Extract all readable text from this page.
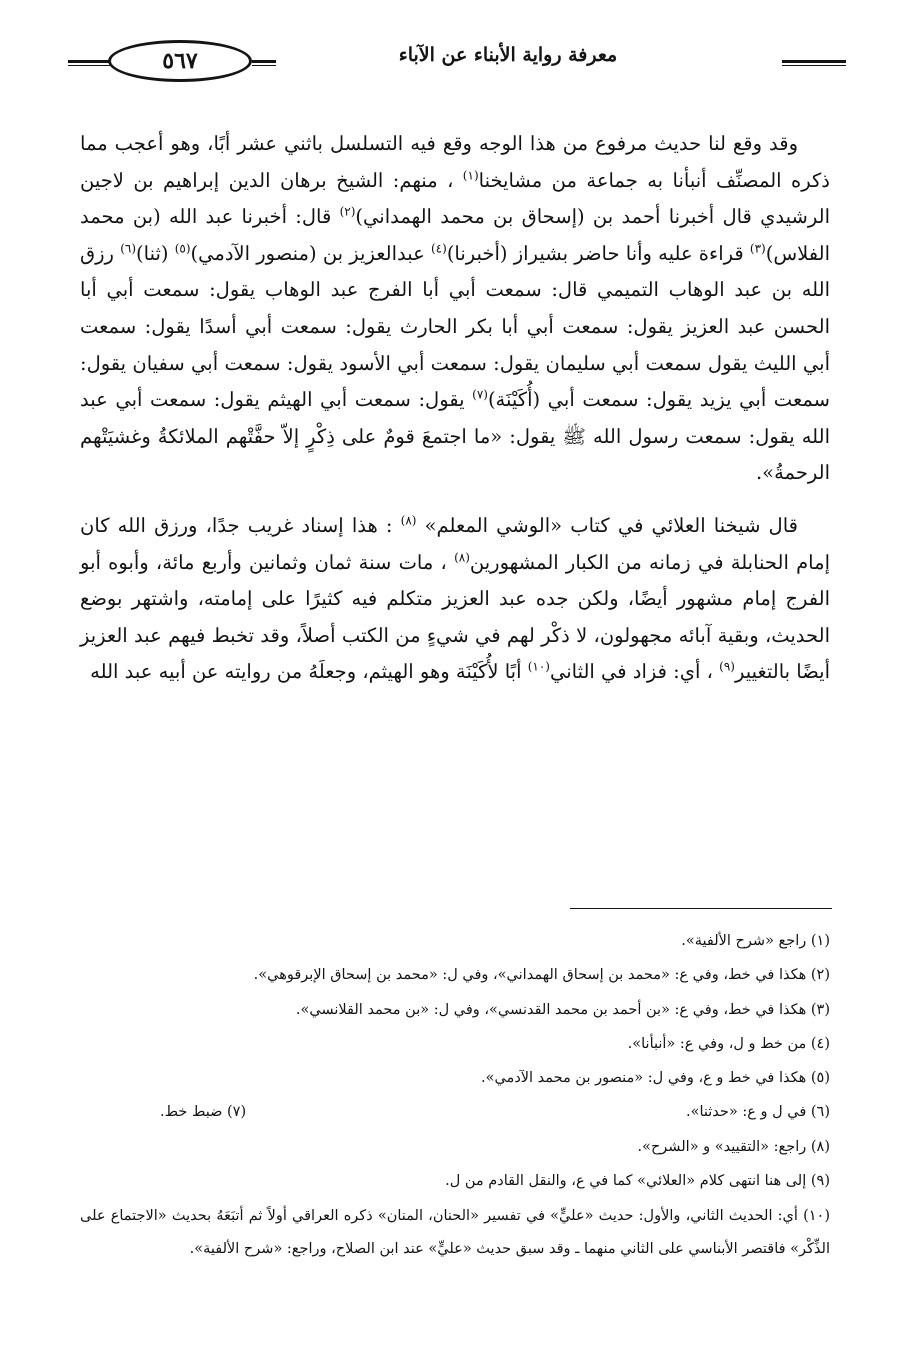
٥٦٧	معرفة رواية الأبناء عن الآباء

وقد وقع لنا حديث مرفوع من هذا الوجه وقع فيه التسلسل باثني عشر أبًا، وهو أعجب مما ذكره المصنِّف أنبأنا به جماعة من مشايخنا$^{(١)}$ ، منهم: الشيخ برهان الدين إبراهيم بن لاجين الرشيدي قال أخبرنا أحمد بن (إسحاق بن محمد الهمداني)$^{(٢)}$ قال: أخبرنا عبد الله (بن محمد الفلاس)$^{(٣)}$ قراءة عليه وأنا حاضر بشيراز (أخبرنا)$^{(٤)}$ عبدالعزيز بن (منصور الآدمي)$^{(٥)}$ (ثنا)$^{(٦)}$ رزق الله بن عبد الوهاب التميمي قال: سمعت أبي أبا الفرج عبد الوهاب يقول: سمعت أبي أبا الحسن عبد العزيز يقول: سمعت أبي أبا بكر الحارث يقول: سمعت أبي أسدًا يقول: سمعت أبي الليث يقول سمعت أبي سليمان يقول: سمعت أبي الأسود يقول: سمعت أبي سفيان يقول: سمعت أبي يزيد يقول: سمعت أبي (أُكَيْنَة)$^{(٧)}$ يقول: سمعت أبي الهيثم يقول: سمعت أبي عبد الله يقول: سمعت رسول الله ﷺ يقول: «ما اجتمعَ قومٌ على ذِكْرٍ إلاّ حفَّتْهم الملائكةُ وغشيَتْهم الرحمةُ».

قال شيخنا العلائي في كتاب «الوشي المعلم» $^{(٨)}$ : هذا إسناد غريب جدًا، ورزق الله كان إمام الحنابلة في زمانه من الكبار المشهورين$^{(٨)}$ ، مات سنة ثمان وثمانين وأربع مائة، وأبوه أبو الفرج إمام مشهور أيضًا، ولكن جده عبد العزيز متكلم فيه كثيرًا على إمامته، واشتهر بوضع الحديث، وبقية آبائه مجهولون، لا ذكْر لهم في شيءٍ من الكتب أصلاً، وقد تخبط فيهم عبد العزيز أيضًا بالتغيير$^{(٩)}$ ، أي: فزاد في الثاني$^{(١٠)}$ أبًا لأُكَيْنَة وهو الهيثم، وجعلَهُ من روايته عن أبيه عبد الله

(١) راجع «شرح الألفية».
(٢) هكذا في خط، وفي ع: «محمد بن إسحاق الهمداني»، وفي ل: «محمد بن إسحاق الإبرقوهي».
(٣) هكذا في خط، وفي ع: «بن أحمد بن محمد القدنسي»، وفي ل: «بن محمد القلانسي».
(٤) من خط و ل، وفي ع: «أنبأنا».
(٥) هكذا في خط و ع، وفي ل: «منصور بن محمد الآدمي».
(٦) في ل و ع: «حدثنا».
(٧) ضبط خط.
(٨) راجع: «التقييد» و «الشرح».
(٩) إلى هنا انتهى كلام «العلائي» كما في ع، والنقل القادم من ل.
(١٠) أي: الحديث الثاني، والأول: حديث «عليٍّ» في تفسير «الحنان، المنان» ذكره العراقي أولاً ثم أتبَعَهُ بحديث «الاجتماع على الذِّكْر» فاقتصر الأبناسي على الثاني منهما ـ وقد سبق حديث «عليٍّ» عند ابن الصلاح، وراجع: «شرح الألفية».
